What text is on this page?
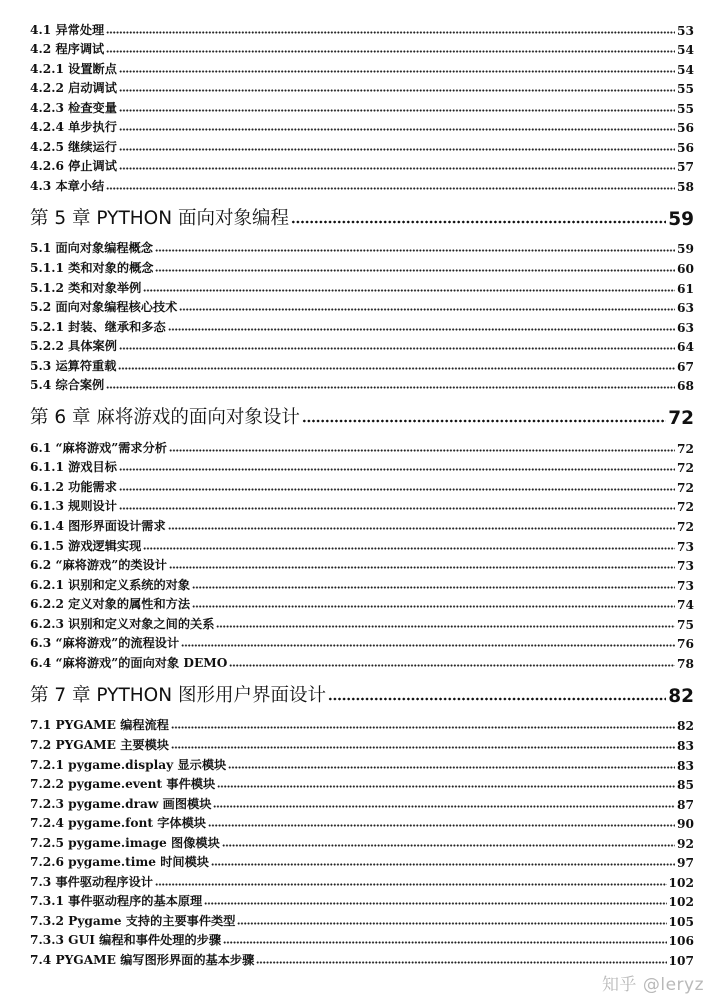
4.1 异常处理	53
4.2 程序调试	54
4.2.1 设置断点	54
4.2.2 启动调试	55
4.2.3 检查变量	55
4.2.4 单步执行	56
4.2.5 继续运行	56
4.2.6 停止调试	57
4.3 本章小结	58
第 5 章 PYTHON 面向对象编程	59
5.1 面向对象编程概念	59
5.1.1 类和对象的概念	60
5.1.2 类和对象举例	61
5.2 面向对象编程核心技术	63
5.2.1 封装、继承和多态	63
5.2.2 具体案例	64
5.3 运算符重载	67
5.4 综合案例	68
第 6 章 麻将游戏的面向对象设计	72
6.1 “麻将游戏”需求分析	72
6.1.1 游戏目标	72
6.1.2 功能需求	72
6.1.3 规则设计	72
6.1.4 图形界面设计需求	72
6.1.5 游戏逻辑实现	73
6.2 “麻将游戏”的类设计	73
6.2.1 识别和定义系统的对象	73
6.2.2 定义对象的属性和方法	74
6.2.3 识别和定义对象之间的关系	75
6.3 “麻将游戏”的流程设计	76
6.4 “麻将游戏”的面向对象 DEMO	78
第 7 章 PYTHON 图形用户界面设计	82
7.1 PYGAME 编程流程	82
7.2 PYGAME 主要模块	83
7.2.1 pygame.display 显示模块	83
7.2.2 pygame.event 事件模块	85
7.2.3 pygame.draw 画图模块	87
7.2.4 pygame.font 字体模块	90
7.2.5 pygame.image 图像模块	92
7.2.6 pygame.time 时间模块	97
7.3 事件驱动程序设计	102
7.3.1 事件驱动程序的基本原理	102
7.3.2 Pygame 支持的主要事件类型	105
7.3.3 GUI 编程和事件处理的步骤	106
7.4 PYGAME 编写图形界面的基本步骤	107
知乎 @leryz
